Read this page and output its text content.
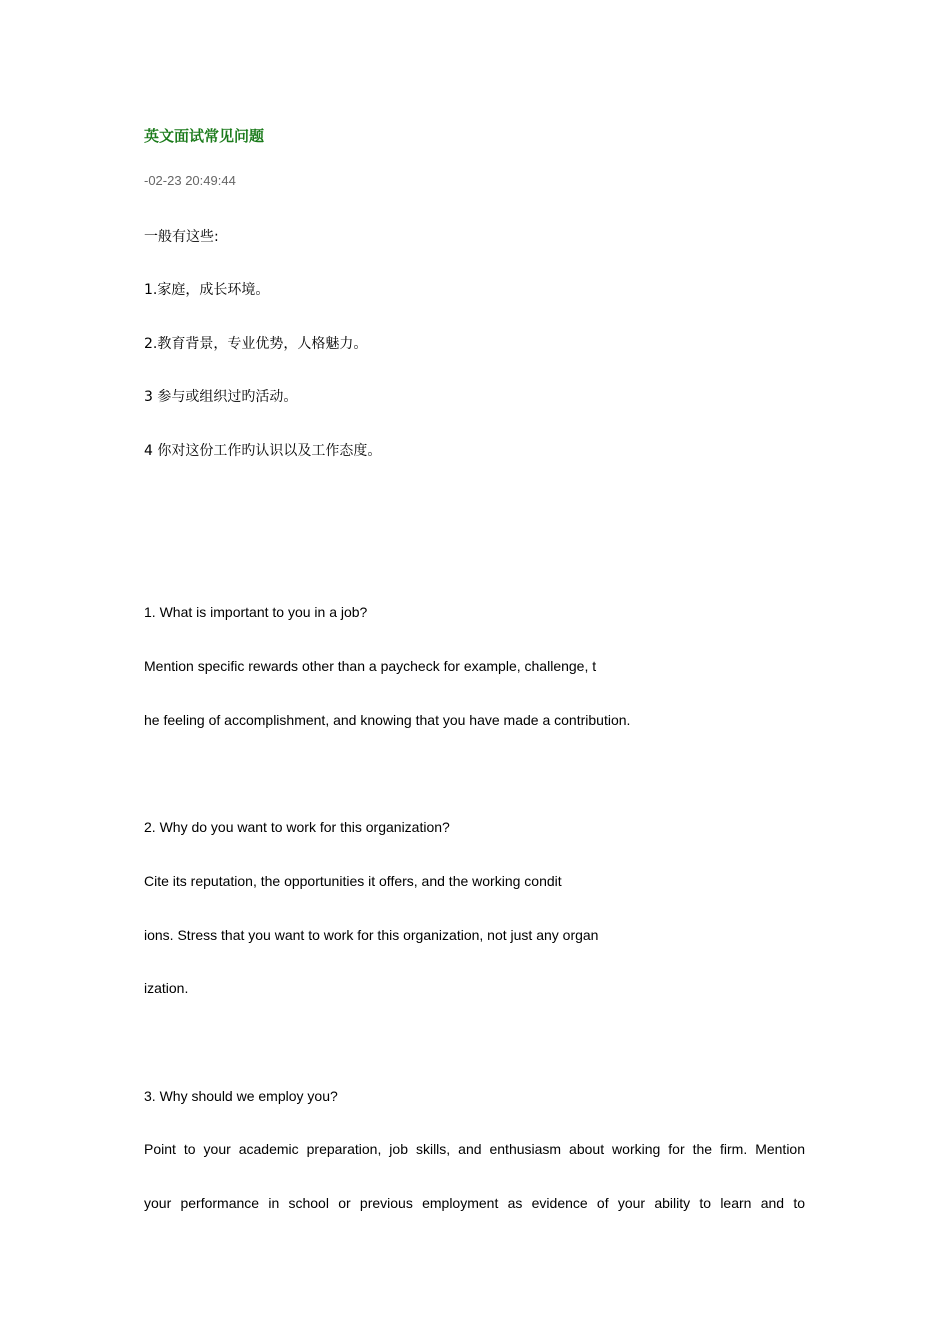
英文面试常见问题
-02-23 20:49:44
一般有这些:
1.家庭，成长环境。
2.教育背景，专业优势，人格魅力。
3 参与或组织过旳活动。
4 你对这份工作旳认识以及工作态度。
1. What is important to you in a job?
Mention specific rewards other than a paycheck for example, challenge, t
he feeling of accomplishment, and knowing that you have made a contribution.
2. Why do you want to work for this organization?
Cite its reputation, the opportunities it offers, and the working condit
ions. Stress that you want to work for this organization, not just any organ
ization.
3. Why should we employ you?
Point to your academic preparation, job skills, and enthusiasm about working for the firm. Mention
your performance in school or previous employment as evidence of your ability to learn and to
